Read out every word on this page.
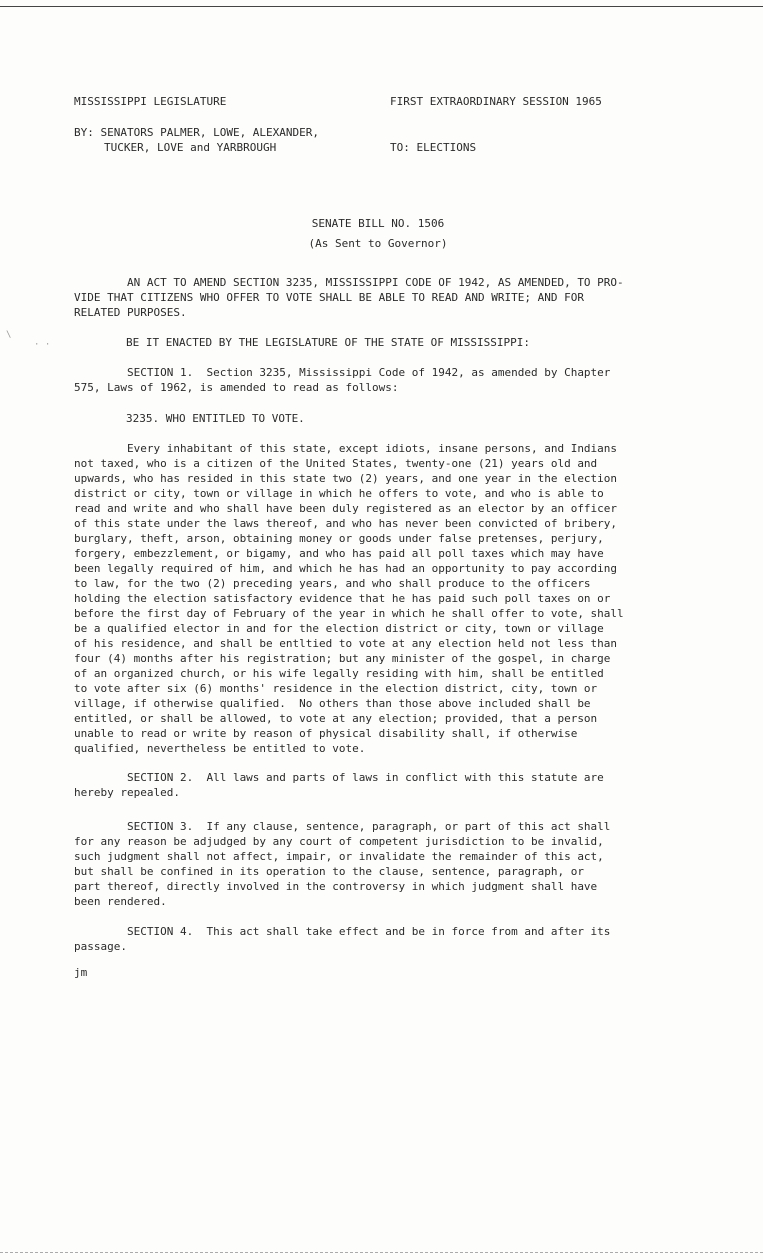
MISSISSIPPI LEGISLATURE	FIRST EXTRAORDINARY SESSION 1965
BY: SENATORS PALMER, LOWE, ALEXANDER,
TUCKER, LOVE and YARBROUGH	TO: ELECTIONS
SENATE BILL NO. 1506
(As Sent to Governor)
AN ACT TO AMEND SECTION 3235, MISSISSIPPI CODE OF 1942, AS AMENDED, TO PRO-
VIDE THAT CITIZENS WHO OFFER TO VOTE SHALL BE ABLE TO READ AND WRITE; AND FOR
RELATED PURPOSES.
BE IT ENACTED BY THE LEGISLATURE OF THE STATE OF MISSISSIPPI:
SECTION 1.  Section 3235, Mississippi Code of 1942, as amended by Chapter
575, Laws of 1962, is amended to read as follows:
3235. WHO ENTITLED TO VOTE.
Every inhabitant of this state, except idiots, insane persons, and Indians
not taxed, who is a citizen of the United States, twenty-one (21) years old and
upwards, who has resided in this state two (2) years, and one year in the election
district or city, town or village in which he offers to vote, and who is able to
read and write and who shall have been duly registered as an elector by an officer
of this state under the laws thereof, and who has never been convicted of bribery,
burglary, theft, arson, obtaining money or goods under false pretenses, perjury,
forgery, embezzlement, or bigamy, and who has paid all poll taxes which may have
been legally required of him, and which he has had an opportunity to pay according
to law, for the two (2) preceding years, and who shall produce to the officers
holding the election satisfactory evidence that he has paid such poll taxes on or
before the first day of February of the year in which he shall offer to vote, shall
be a qualified elector in and for the election district or city, town or village
of his residence, and shall be entltied to vote at any election held not less than
four (4) months after his registration; but any minister of the gospel, in charge
of an organized church, or his wife legally residing with him, shall be entitled
to vote after six (6) months' residence in the election district, city, town or
village, if otherwise qualified.  No others than those above included shall be
entitled, or shall be allowed, to vote at any election; provided, that a person
unable to read or write by reason of physical disability shall, if otherwise
qualified, nevertheless be entitled to vote.
SECTION 2.  All laws and parts of laws in conflict with this statute are
hereby repealed.
SECTION 3.  If any clause, sentence, paragraph, or part of this act shall
for any reason be adjudged by any court of competent jurisdiction to be invalid,
such judgment shall not affect, impair, or invalidate the remainder of this act,
but shall be confined in its operation to the clause, sentence, paragraph, or
part thereof, directly involved in the controversy in which judgment shall have
been rendered.
SECTION 4.  This act shall take effect and be in force from and after its
passage.
jm
\
· ·
